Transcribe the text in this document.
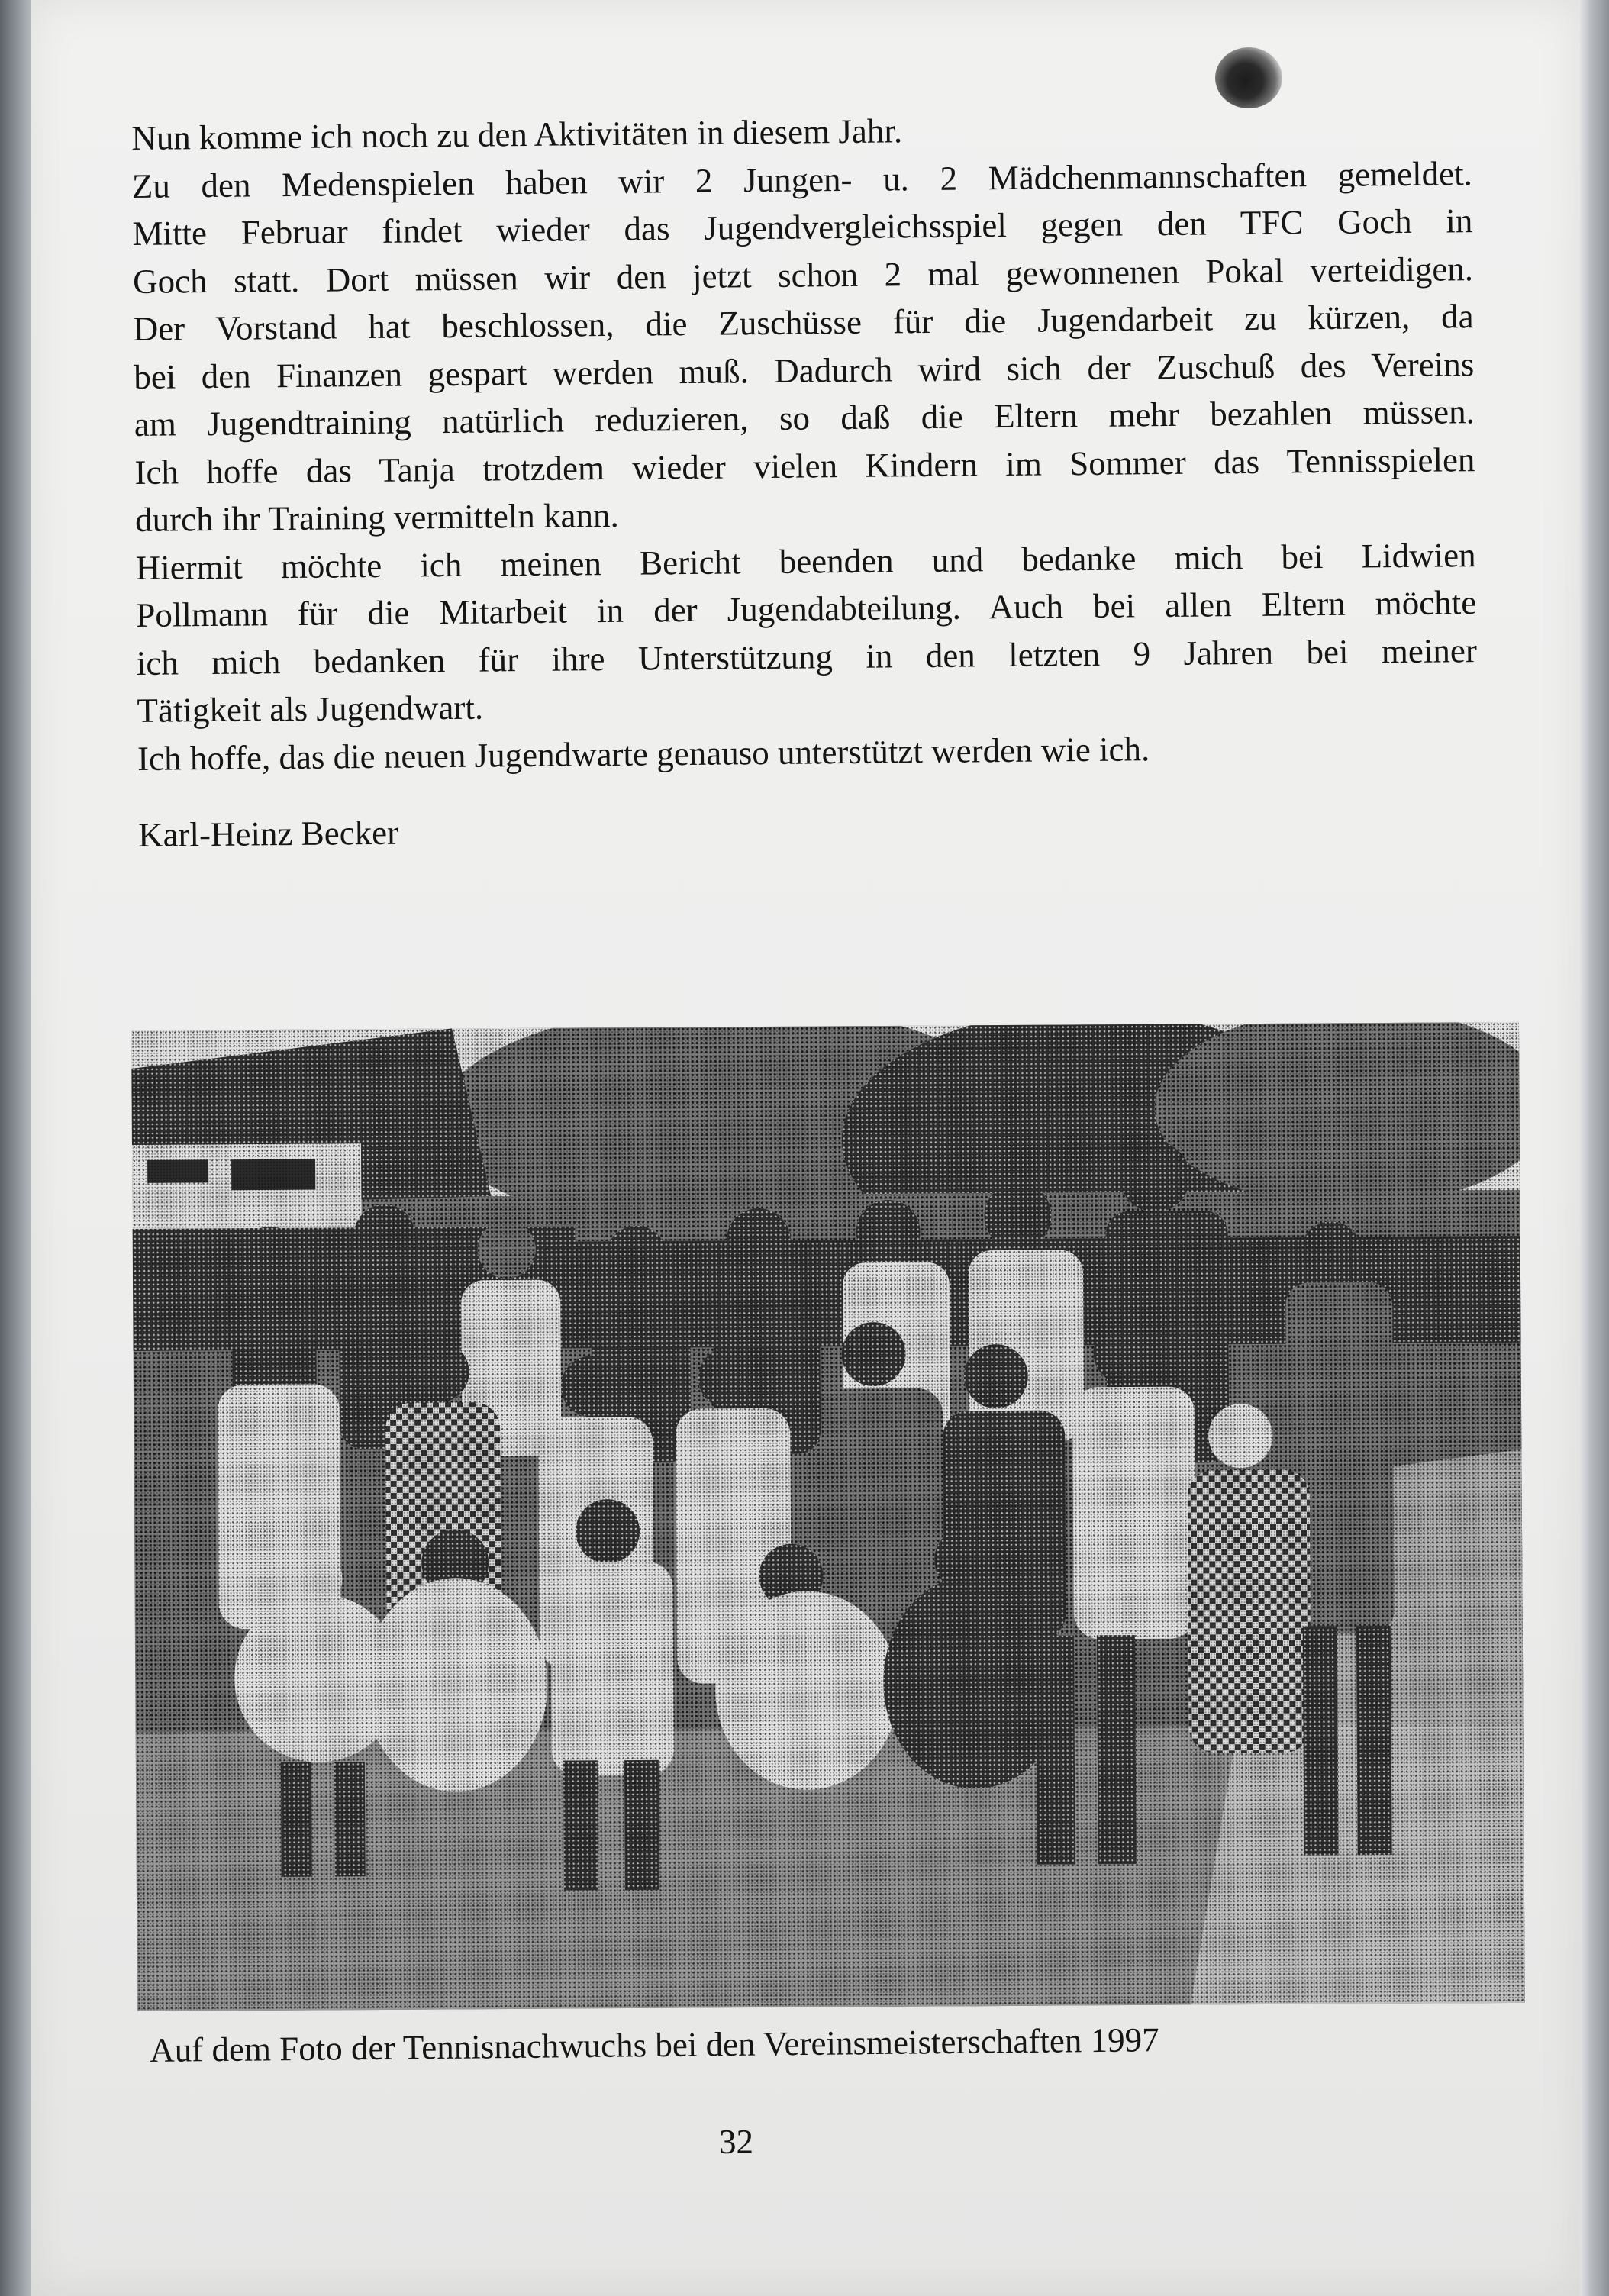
Nun komme ich noch zu den Aktivitäten in diesem Jahr.

Zu den Medenspielen haben wir 2 Jungen- u. 2 Mädchenmannschaften gemeldet.

Mitte Februar findet wieder das Jugendvergleichsspiel gegen den TFC Goch in

Goch statt. Dort müssen wir den jetzt schon 2 mal gewonnenen Pokal verteidigen.

Der Vorstand hat beschlossen, die Zuschüsse für die Jugendarbeit zu kürzen, da

bei den Finanzen gespart werden muß. Dadurch wird sich der Zuschuß des Vereins

am Jugendtraining natürlich reduzieren, so daß die Eltern mehr bezahlen müssen.

Ich hoffe das Tanja trotzdem wieder vielen Kindern im Sommer das Tennisspielen

durch ihr Training vermitteln kann.

Hiermit möchte ich meinen Bericht beenden und bedanke mich bei Lidwien

Pollmann für die Mitarbeit in der Jugendabteilung. Auch bei allen Eltern möchte

ich mich bedanken für ihre Unterstützung in den letzten 9 Jahren bei meiner

Tätigkeit als Jugendwart.

Ich hoffe, das die neuen Jugendwarte genauso unterstützt werden wie ich.

Karl-Heinz Becker

Auf dem Foto der Tennisnachwuchs bei den Vereinsmeisterschaften 1997
32
